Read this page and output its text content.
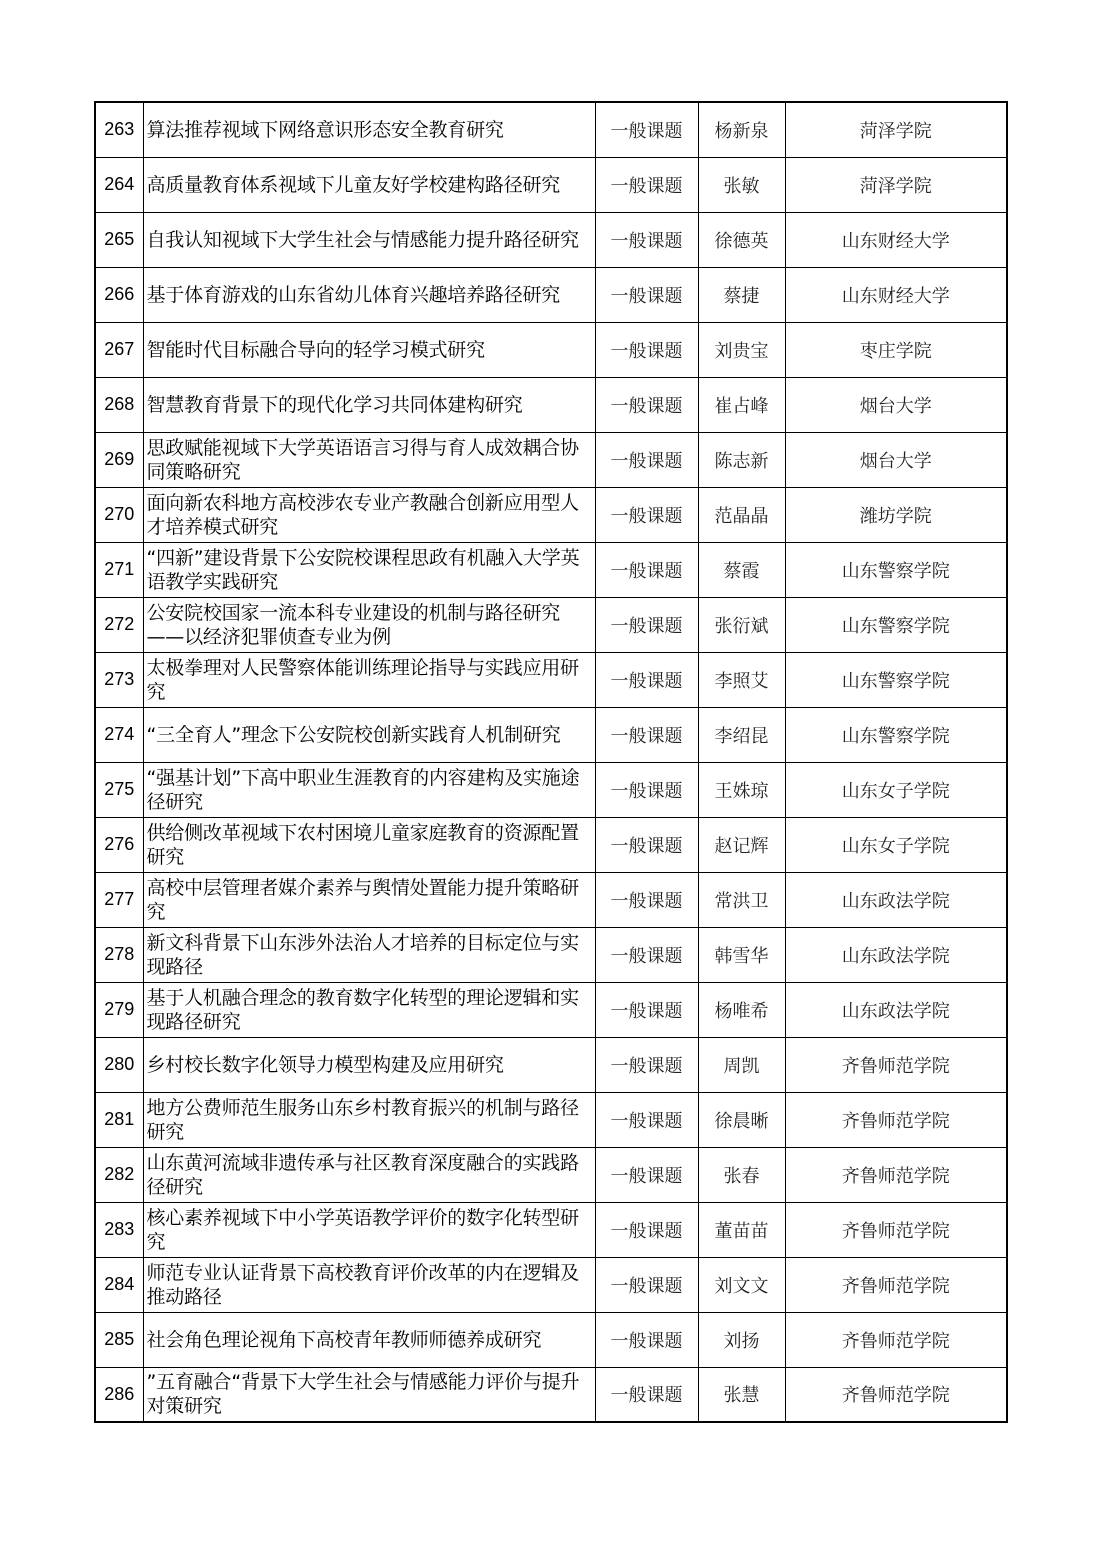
263	算法推荐视域下网络意识形态安全教育研究	一般课题	杨新泉	菏泽学院
264	高质量教育体系视域下儿童友好学校建构路径研究	一般课题	张敏	菏泽学院
265	自我认知视域下大学生社会与情感能力提升路径研究	一般课题	徐德英	山东财经大学
266	基于体育游戏的山东省幼儿体育兴趣培养路径研究	一般课题	蔡捷	山东财经大学
267	智能时代目标融合导向的轻学习模式研究	一般课题	刘贵宝	枣庄学院
268	智慧教育背景下的现代化学习共同体建构研究	一般课题	崔占峰	烟台大学
269	思政赋能视域下大学英语语言习得与育人成效耦合协同策略研究	一般课题	陈志新	烟台大学
270	面向新农科地方高校涉农专业产教融合创新应用型人才培养模式研究	一般课题	范晶晶	潍坊学院
271	“四新”建设背景下公安院校课程思政有机融入大学英语教学实践研究	一般课题	蔡霞	山东警察学院
272	公安院校国家一流本科专业建设的机制与路径研究——以经济犯罪侦查专业为例	一般课题	张衍斌	山东警察学院
273	太极拳理对人民警察体能训练理论指导与实践应用研究	一般课题	李照艾	山东警察学院
274	“三全育人”理念下公安院校创新实践育人机制研究	一般课题	李绍昆	山东警察学院
275	“强基计划”下高中职业生涯教育的内容建构及实施途径研究	一般课题	王姝琼	山东女子学院
276	供给侧改革视域下农村困境儿童家庭教育的资源配置研究	一般课题	赵记辉	山东女子学院
277	高校中层管理者媒介素养与舆情处置能力提升策略研究	一般课题	常洪卫	山东政法学院
278	新文科背景下山东涉外法治人才培养的目标定位与实现路径	一般课题	韩雪华	山东政法学院
279	基于人机融合理念的教育数字化转型的理论逻辑和实现路径研究	一般课题	杨唯希	山东政法学院
280	乡村校长数字化领导力模型构建及应用研究	一般课题	周凯	齐鲁师范学院
281	地方公费师范生服务山东乡村教育振兴的机制与路径研究	一般课题	徐晨晰	齐鲁师范学院
282	山东黄河流域非遗传承与社区教育深度融合的实践路径研究	一般课题	张春	齐鲁师范学院
283	核心素养视域下中小学英语教学评价的数字化转型研究	一般课题	董苗苗	齐鲁师范学院
284	师范专业认证背景下高校教育评价改革的内在逻辑及推动路径	一般课题	刘文文	齐鲁师范学院
285	社会角色理论视角下高校青年教师师德养成研究	一般课题	刘扬	齐鲁师范学院
286	”五育融合“背景下大学生社会与情感能力评价与提升对策研究	一般课题	张慧	齐鲁师范学院
